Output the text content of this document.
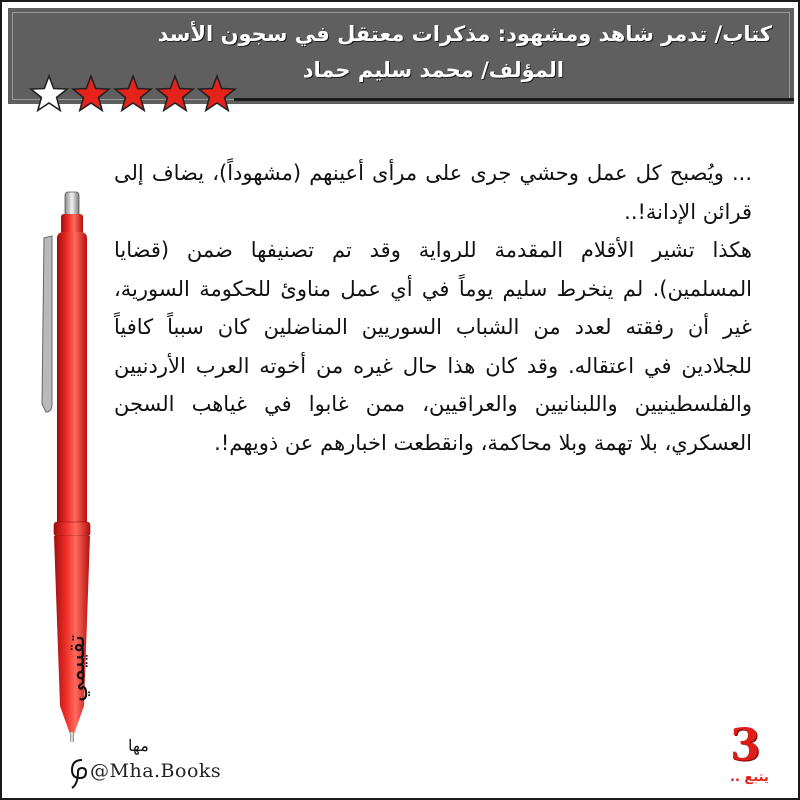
كتاب/ تدمر شاهد ومشهود: مذكرات معتقل في سجون الأسد
المؤلف/ محمد سليم حماد

... ويُصبح كل عمل وحشي جرى على مرأى أعينهم (مشهوداً)، يضاف إلى قرائن الإدانة!..

هكذا تشير الأقلام المقدمة للرواية وقد تم تصنيفها ضمن (قضايا المسلمين). لم ينخرط سليم يوماً في أي عمل مناوئ للحكومة السورية، غير أن رفقته لعدد من الشباب السوريين المناضلين كان سبباً كافياً للجلادين في اعتقاله. وقد كان هذا حال غيره من أخوته العرب الأردنيين والفلسطينيين واللبنانيين والعراقيين، ممن غابوا في غياهب السجن العسكري، بلا تهمة وبلا محاكمة، وانقطعت اخبارهم عن ذويهم!.

تقييمي
مها
@Mha.Books	3
يتبع ..
